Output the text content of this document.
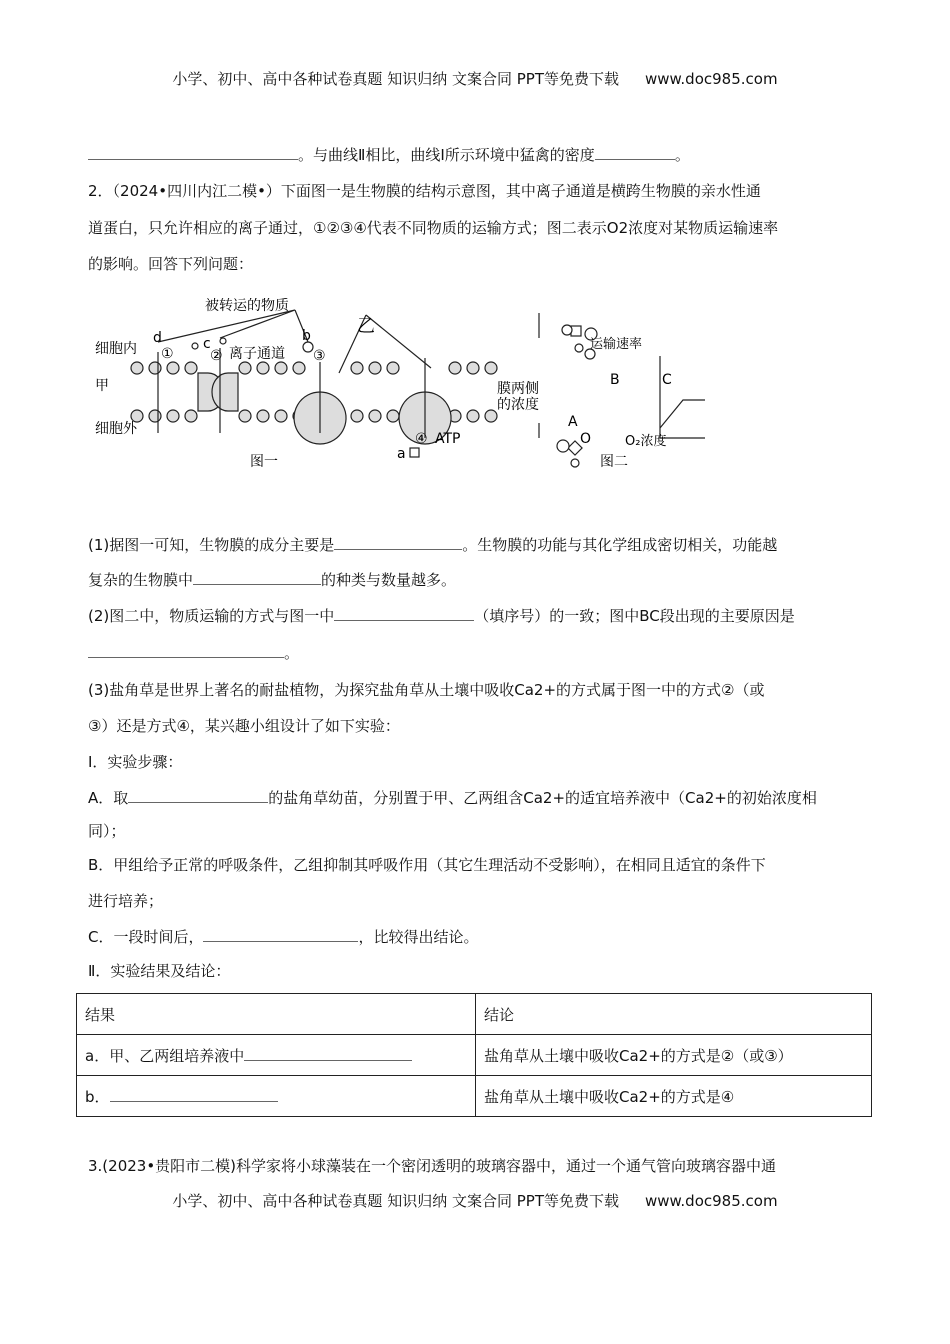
小学、初中、高中各种试卷真题 知识归纳 文案合同 PPT等免费下载 www.doc985.com
。与曲线Ⅱ相比，曲线Ⅰ所示环境中猛禽的密度	。
2．（2024•四川内江二模•）下面图一是生物膜的结构示意图，其中离子通道是横跨生物膜的亲水性通
道蛋白，只允许相应的离子通过，①②③④代表不同物质的运输方式；图二表示O2浓度对某物质运输速率
的影响。回答下列问题：
被转运的物质
细胞内
甲
细胞外
d	c	b
①	②	③
④
离子通道
乙
a
ATP
膜两侧
的浓度
图一	图二
运输速率
O₂浓度
A
O
B	C
(1)据图一可知，生物膜的成分主要是	。生物膜的功能与其化学组成密切相关，功能越
复杂的生物膜中	的种类与数量越多。
(2)图二中，物质运输的方式与图一中	（填序号）的一致；图中BC段出现的主要原因是
。
(3)盐角草是世界上著名的耐盐植物，为探究盐角草从土壤中吸收Ca2+的方式属于图一中的方式②（或
③）还是方式④，某兴趣小组设计了如下实验：
Ⅰ．实验步骤：
A．取	的盐角草幼苗，分别置于甲、乙两组含Ca2+的适宜培养液中（Ca2+的初始浓度相
同）；
B．甲组给予正常的呼吸条件，乙组抑制其呼吸作用（其它生理活动不受影响），在相同且适宜的条件下
进行培养；
C．一段时间后，	，比较得出结论。
Ⅱ．实验结果及结论：
结果	结论
a．甲、乙两组培养液中	盐角草从土壤中吸收Ca2+的方式是②（或③）
b．	盐角草从土壤中吸收Ca2+的方式是④
3.(2023•贵阳市二模)科学家将小球藻装在一个密闭透明的玻璃容器中，通过一个通气管向玻璃容器中通
小学、初中、高中各种试卷真题 知识归纳 文案合同 PPT等免费下载 www.doc985.com
